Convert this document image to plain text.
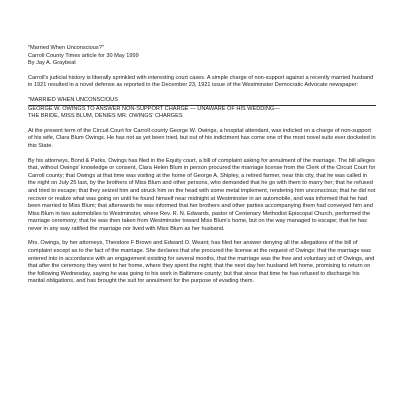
"Married When Unconscious?"

Carroll County Times article for 30 May 1999

By Jay A. Graybeal

Carroll's judicial history is liberally sprinkled with interesting court cases. A simple charge of non-support against a recently married husband in 1921 resulted in a novel defense as reported in the December 23, 1921 issue of the Westminster Democratic Advocate newspaper:

"MARRIED WHEN UNCONSCIOUS

GEORGE W. OWINGS TO ANSWER NON-SUPPORT CHARGE — UNAWARE OF HIS WEDDING—

THE BRIDE, MISS BLUM, DENIES MR. OWINGS' CHARGES

At the present term of the Circuit Court for Carroll county George W. Owings, a hospital attendant, was indicted on a charge of non-support of his wife, Clara Blum Owings. He has not as yet been tried, but out of his indictment has come one of the most novel suits ever docketed in this State.

By his attorneys, Bond & Parks, Owings has filed in the Equity court, a bill of complaint asking for annulment of the marriage. The bill alleges that, without Owings' knowledge or consent, Clara Helen Blum in person procured the marriage license from the Clerk of the Circuit Court for Carroll county; that Owings at that time was visiting at the home of George A. Shipley, a retired farmer, near this city, that he was called in the night on July 25 last, by the brothers of Miss Blum and other persons, who demanded that he go with them to marry her; that he refused and tried to escape; that they seized him and struck him on the head with some metal implement, rendering him unconscious; that he did not recover or realize what was going on until he found himself near midnight at Westminster in an automobile, and was informed that he had been married to Miss Blum; that afterwards he was informed that her brothers and other parties accompanying them had conveyed him and Miss Blum in two automobiles to Westminster, where Rev. R. N. Edwards, pastor of Centenary Methodist Episcopal Church, performed the marriage ceremony; that he was then taken from Westminster toward Miss Blum's home, but on the way managed to escape; that he has never in any way ratified the marriage nor lived with Miss Blum as her husband.

Mrs. Owings, by her attorneys, Theodore F Brown and Edward O. Weant; has filed her answer denying all the allegations of the bill of complaint except as to the fact of the marriage. She declares that she procured the license at the request of Owings: that the marriage was entered into in accordance with an engagement existing for several months, that the marriage was the free and voluntary act of Owings, and that after the ceremony they went to her home, where they spent the night; that the next day her husband left home, promising to return on the following Wednesday, saying he was going to his work in Baltimore county; but that since that time he has refused to discharge his marital obligations, and has brought the suit for annulment for the purpose of evading them.
